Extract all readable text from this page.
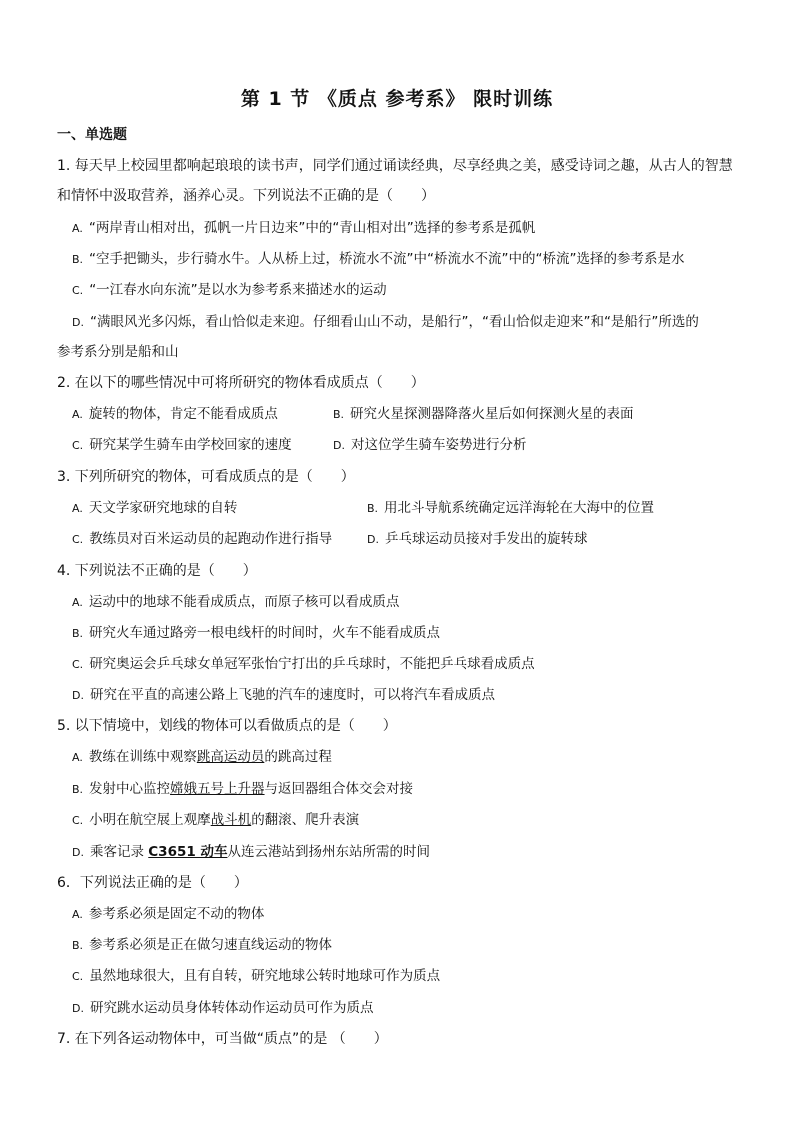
第 1 节 《质点 参考系》 限时训练
一、单选题
1. 每天早上校园里都响起琅琅的读书声，同学们通过诵读经典，尽享经典之美，感受诗词之趣，从古人的智慧
和情怀中汲取营养，涵养心灵。下列说法不正确的是（　　）
A. “两岸青山相对出，孤帆一片日边来”中的“青山相对出”选择的参考系是孤帆
B. “空手把锄头，步行骑水牛。人从桥上过，桥流水不流”中“桥流水不流”中的“桥流”选择的参考系是水
C. “一江春水向东流”是以水为参考系来描述水的运动
D. “满眼风光多闪烁，看山恰似走来迎。仔细看山山不动，是船行”，“看山恰似走迎来”和“是船行”所选的
参考系分别是船和山
2. 在以下的哪些情况中可将所研究的物体看成质点（　　）
A. 旋转的物体，肯定不能看成质点	B. 研究火星探测器降落火星后如何探测火星的表面
C. 研究某学生骑车由学校回家的速度	D. 对这位学生骑车姿势进行分析
3. 下列所研究的物体，可看成质点的是（　　）
A. 天文学家研究地球的自转	B. 用北斗导航系统确定远洋海轮在大海中的位置
C. 教练员对百米运动员的起跑动作进行指导	D. 乒乓球运动员接对手发出的旋转球
4. 下列说法不正确的是（　　）
A. 运动中的地球不能看成质点，而原子核可以看成质点
B. 研究火车通过路旁一根电线杆的时间时，火车不能看成质点
C. 研究奥运会乒乓球女单冠军张怡宁打出的乒乓球时，不能把乒乓球看成质点
D. 研究在平直的高速公路上飞驰的汽车的速度时，可以将汽车看成质点
5. 以下情境中，划线的物体可以看做质点的是（　　）
A. 教练在训练中观察跳高运动员的跳高过程
B. 发射中心监控嫦娥五号上升器与返回器组合体交会对接
C. 小明在航空展上观摩战斗机的翻滚、爬升表演
D. 乘客记录 C3651 动车从连云港站到扬州东站所需的时间
6．下列说法正确的是（　　）
A. 参考系必须是固定不动的物体
B. 参考系必须是正在做匀速直线运动的物体
C. 虽然地球很大，且有自转，研究地球公转时地球可作为质点
D. 研究跳水运动员身体转体动作运动员可作为质点
7. 在下列各运动物体中，可当做“质点”的是 （　　）
